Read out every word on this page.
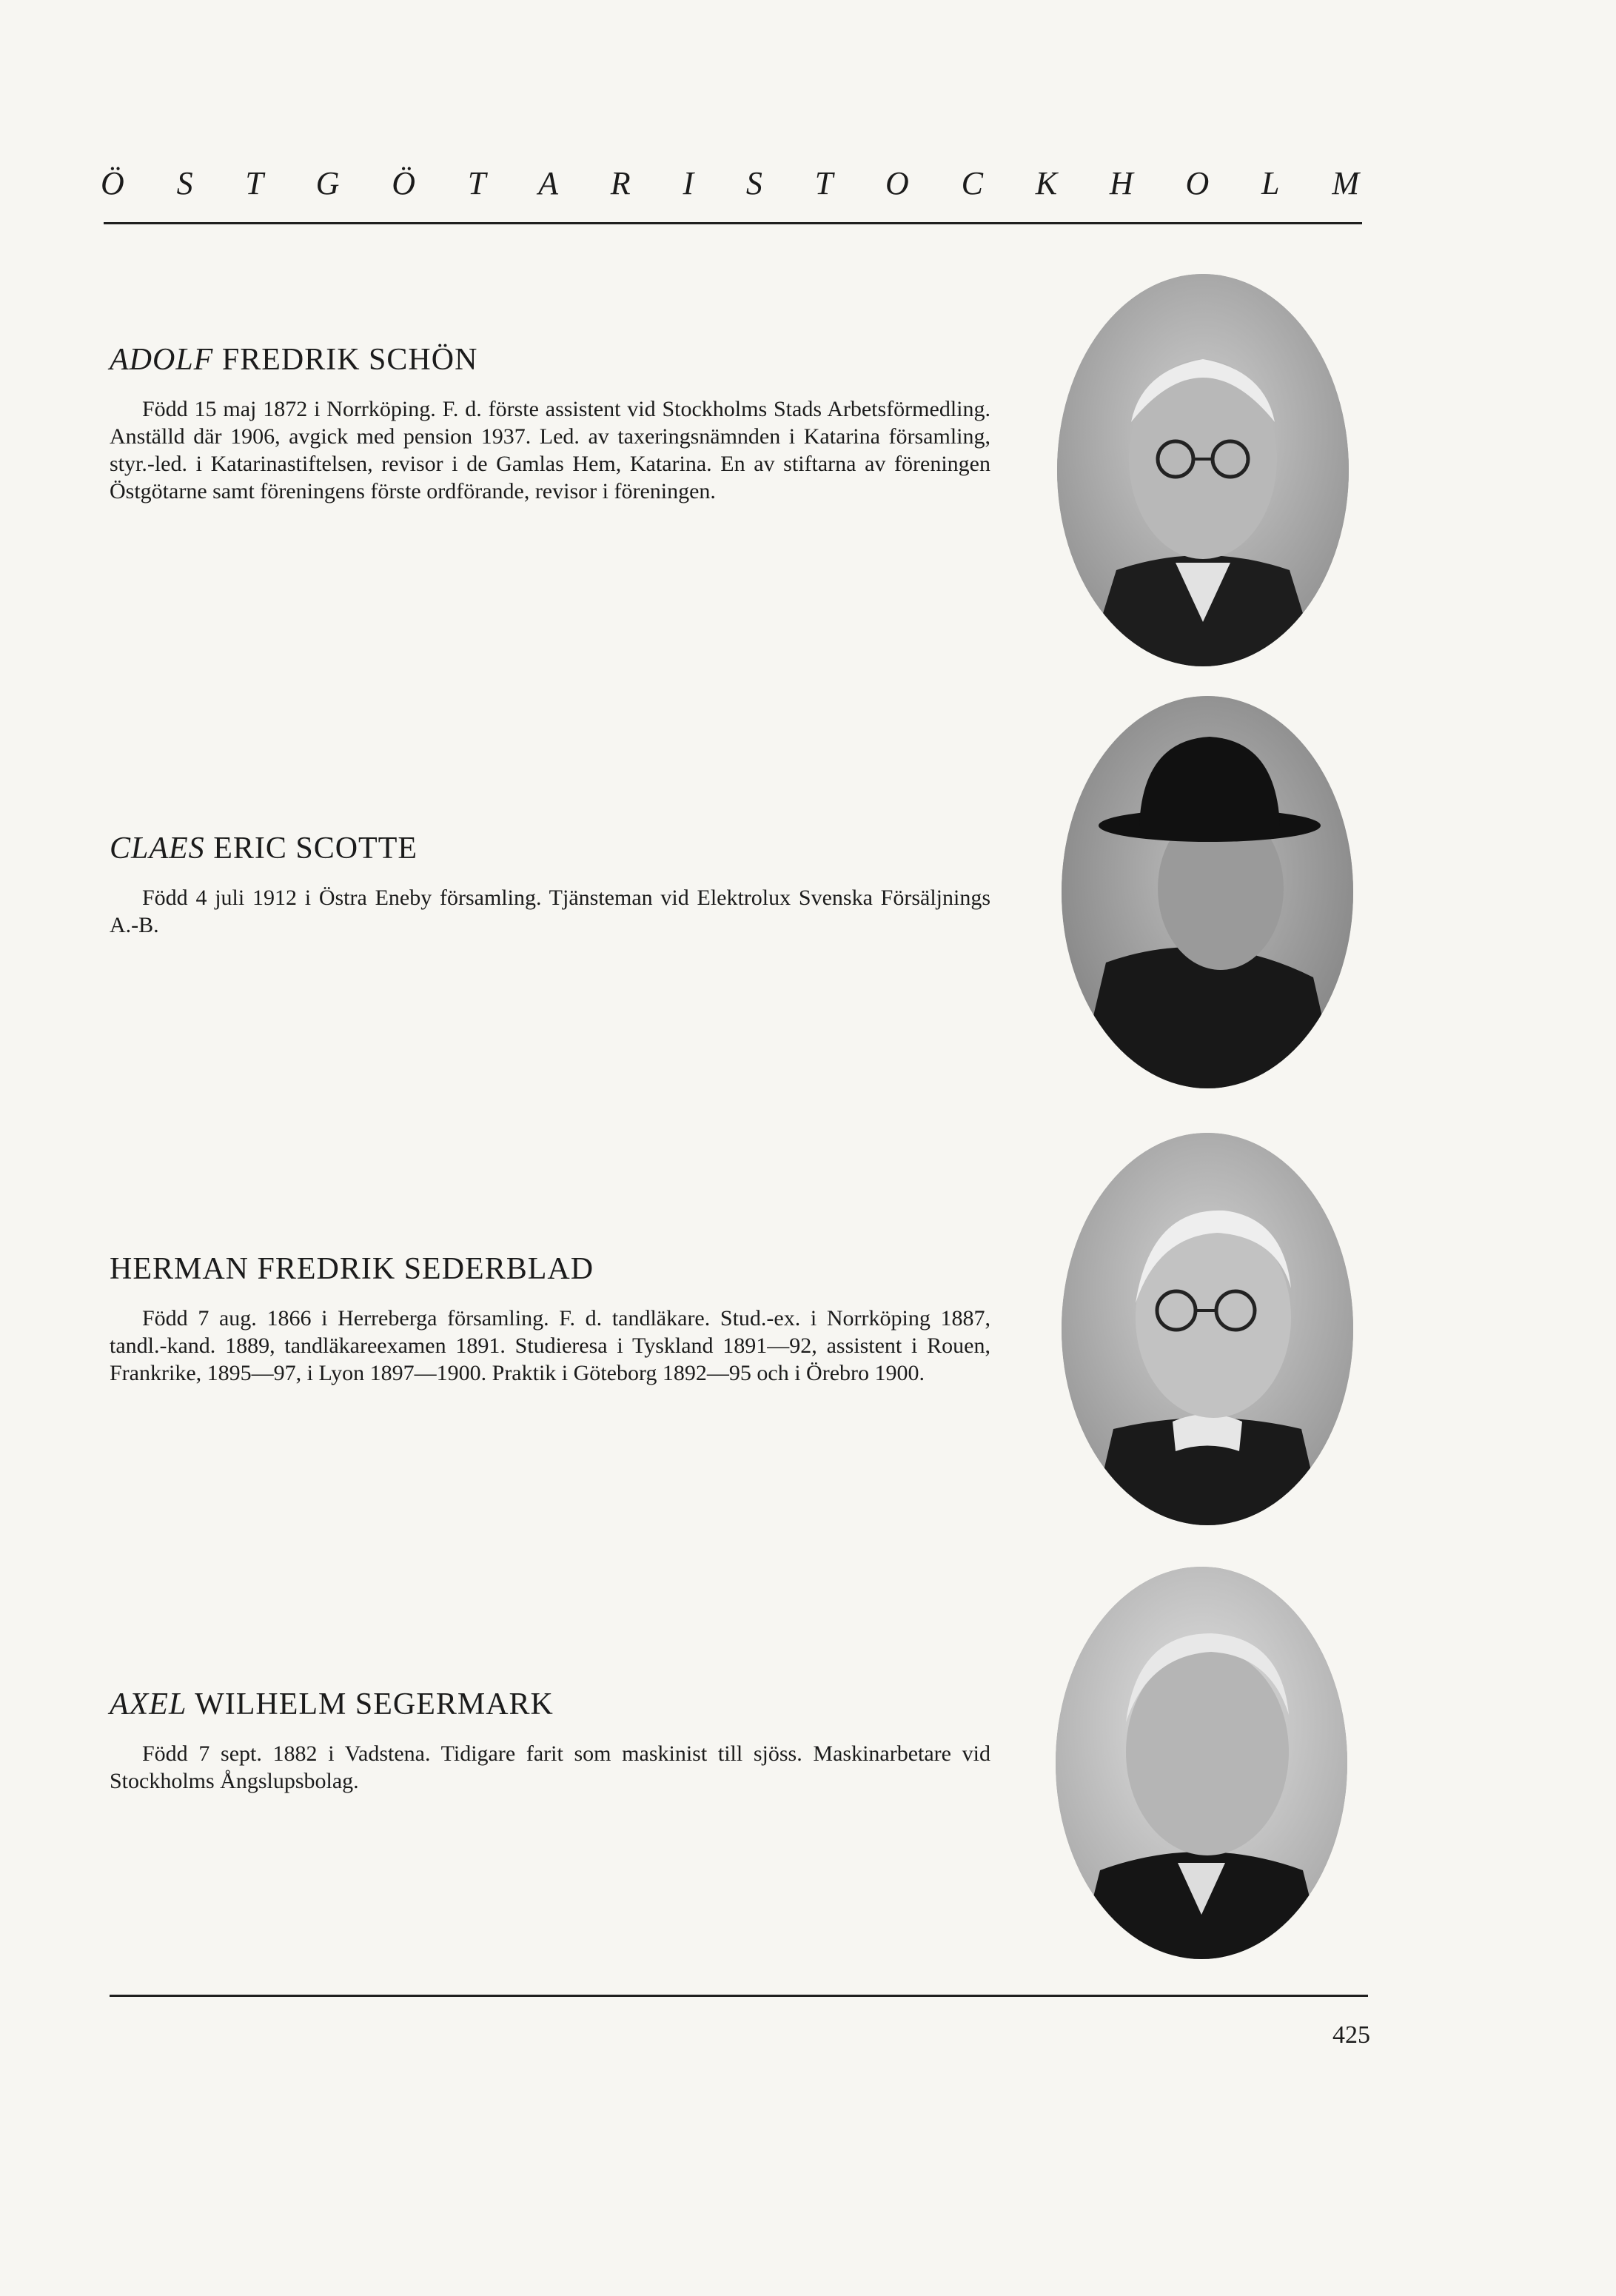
Ö S T G Ö T A R I S T O C K H O L M
ADOLF FREDRIK SCHÖN

Född 15 maj 1872 i Norrköping. F. d. förste assistent vid Stockholms Stads Arbetsförmedling. Anställd där 1906, avgick med pension 1937. Led. av taxeringsnämnden i Katarina församling, styr.-led. i Katarinastiftelsen, revisor i de Gamlas Hem, Katarina. En av stiftarna av föreningen Östgötarne samt föreningens förste ordförande, revisor i föreningen.

CLAES ERIC SCOTTE

Född 4 juli 1912 i Östra Eneby församling. Tjänsteman vid Elektrolux Svenska Försäljnings A.-B.

HERMAN FREDRIK SEDERBLAD

Född 7 aug. 1866 i Herreberga församling. F. d. tandläkare. Stud.-ex. i Norrköping 1887, tandl.-kand. 1889, tandläkareexamen 1891. Studieresa i Tyskland 1891—92, assistent i Rouen, Frankrike, 1895—97, i Lyon 1897—1900. Praktik i Göteborg 1892—95 och i Örebro 1900.

AXEL WILHELM SEGERMARK

Född 7 sept. 1882 i Vadstena. Tidigare farit som maskinist till sjöss. Maskinarbetare vid Stockholms Ångslupsbolag.

425
